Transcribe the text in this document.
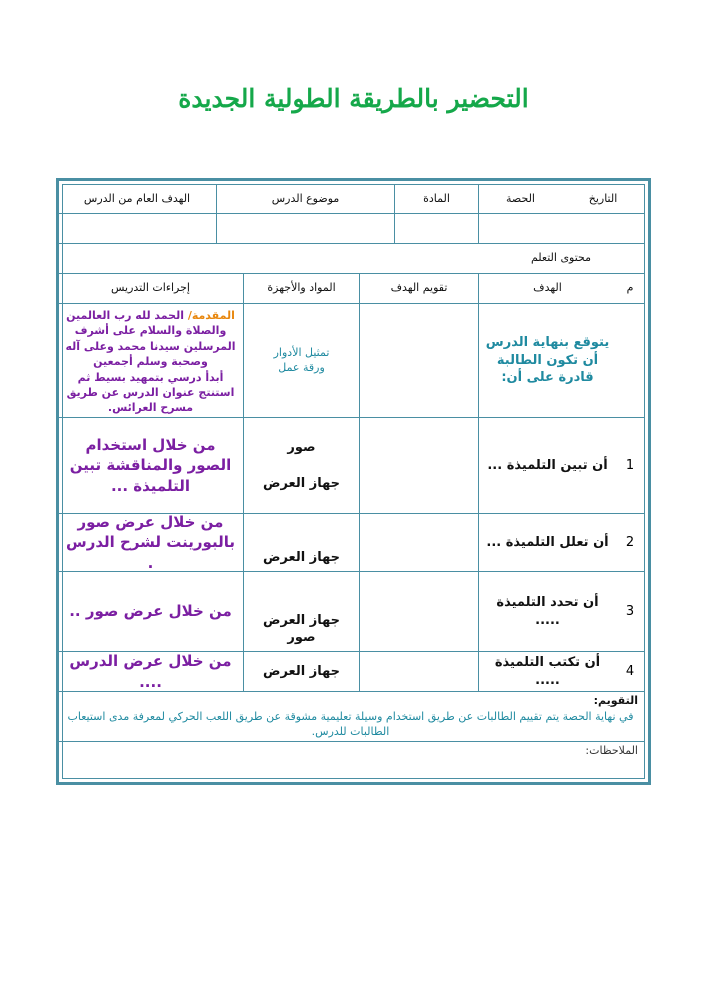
التحضير بالطريقة الطولية الجديدة
التاريخ
الحصة
المادة
موضوع الدرس
الهدف العام من الدرس
محتوى التعلم
م
الهدف
تقويم الهدف
المواد والأجهزة
إجراءات التدريس
يتوقع بنهاية الدرس أن تكون الطالبة قادرة على أن:
تمثيل الأدوار
ورقة عمل
المقدمة/ الحمد لله رب العالمين والصلاة والسلام على أشرف المرسلين سيدنا محمد وعلى آله وصحبة وسلم أجمعين
أبدأ درسي بتمهيد بسيط ثم استنتج عنوان الدرس عن طريق مسرح العرائس.
1
أن تبين التلميذة ...
صور
جهاز العرض
من خلال استخدام الصور والمناقشة تبين التلميذة ...
2
أن تعلل التلميذة ...
جهاز العرض
من خلال عرض صور بالبورينت لشرح الدرس .
3
أن تحدد التلميذة .....
جهاز العرض
صور
من خلال عرض صور ..
4
أن تكتب التلميذة .....
جهاز العرض
من خلال عرض الدرس ....
التقويم:
في نهاية الحصة يتم تقييم الطالبات عن طريق استخدام وسيلة تعليمية مشوقة عن طريق اللعب الحركي لمعرفة مدى استيعاب الطالبات للدرس.
الملاحظات:
